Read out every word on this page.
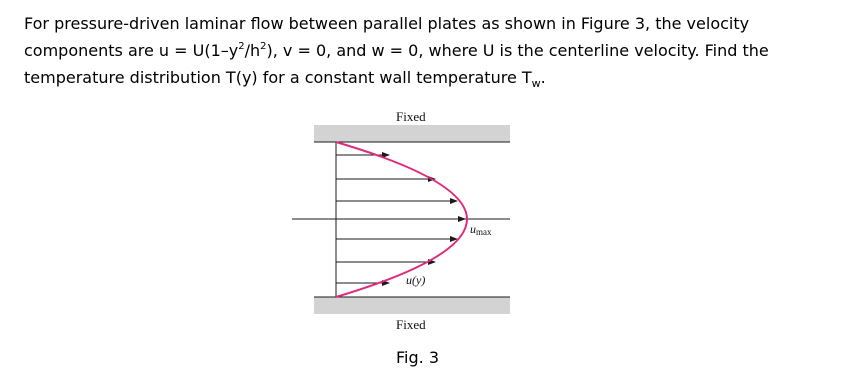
For pressure-driven laminar flow between parallel plates as shown in Figure 3, the velocity
components are $u = U(1-y^2/h^2)$, v = 0, and w = 0, where U is the centerline velocity. Find the
temperature distribution T(y) for a constant wall temperature $T_w$.

Fixed
Fixed
umax
u(y)
Fig. 3
